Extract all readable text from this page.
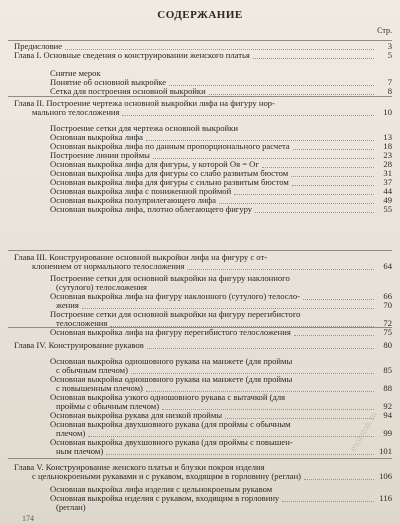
СОДЕРЖАНИЕ
Стр.
Предисловие	3
Глава I. Основные сведения о конструировании женского платья	5
Снятие мерок
Понятие об основной выкройке	7
Сетка для построения основной выкройки	8
Глава II. Построение чертежа основной выкройки лифа на фигуру нор-
мального телосложения	10
Построение сетки для чертежа основной выкройки
Основная выкройка лифа	13
Основная выкройка лифа по данным пропорционального расчета	18
Построение линии проймы	23
Основная выкройка лифа для фигуры, у которой Оя = Ог	28
Основная выкройка лифа для фигуры со слабо развитым бюстом	31
Основная выкройка лифа для фигуры с сильно развитым бюстом	37
Основная выкройка лифа с пониженной проймой	44
Основная выкройка полуприлегающего лифа	49
Основная выкройка лифа, плотно облегающего фигуру	55
Глава III. Конструирование основной выкройки лифа на фигуру с от-
клонением от нормального телосложения	64
Построение сетки для основной выкройки на фигуру наклонного
(сутулого) телосложения
Основная выкройка лифа на фигуру наклонного (сутулого) телосло-	66
жения	70
Построение сетки для основной выкройки на фигуру перегибистого
телосложения	72
Основная выкройка лифа на фигуру перегибистого телосложения	75
Глава IV. Конструирование рукавов	80
Основная выкройка одношовного рукава на манжете (для проймы
с обычным плечом)	85
Основная выкройка одношовного рукава на манжете (для проймы
с повышенным плечом)	88
Основная выкройка узкого одношовного рукава с вытачкой (для
проймы с обычным плечом)	92
Основная выкройка рукава для низкой проймы	94
Основная выкройка двухшовного рукава (для проймы с обычным
плечом)	99
Основная выкройка двухшовного рукава (для проймы с повышен-
ным плечом)	101
Глава V. Конструирование женского платья и блузки покроя изделия
с цельнокроеными рукавами и с рукавом, входящим в горловину (реглан)	106
Основная выкройка лифа изделия с цельнокроеным рукавом
Основная выкройка изделия с рукавом, входящим в горловину	116
(реглан)
174
molotok.ru
